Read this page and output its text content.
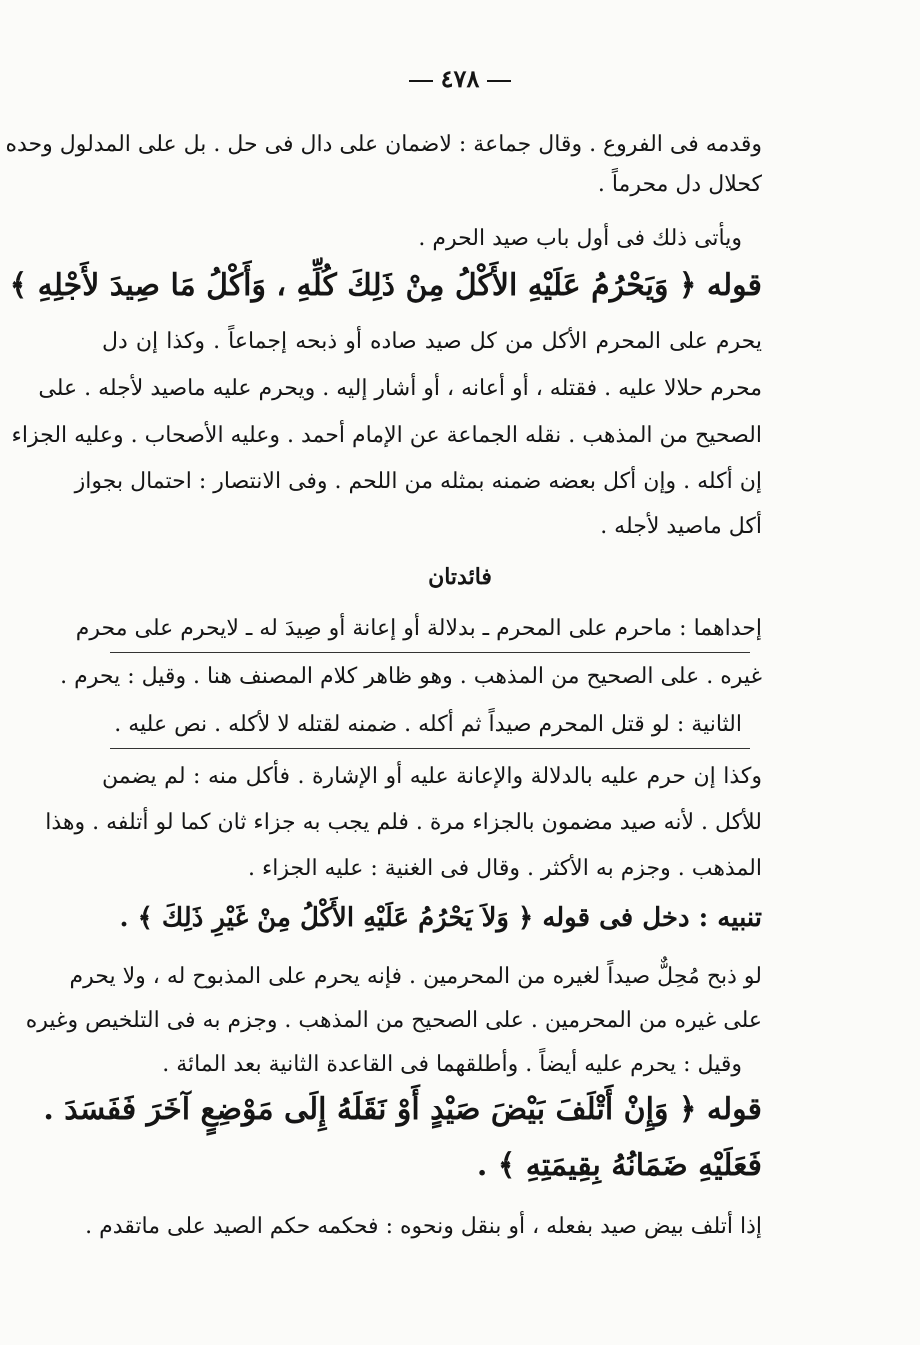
٤٧٨
وقدمه فى الفروع . وقال جماعة : لاضمان على دال فى حل . بل على المدلول وحده
كحلال دل محرماً .
ويأتى ذلك فى أول باب صيد الحرم .
قوله ﴿ وَيَحْرُمُ عَلَيْهِ الأَكْلُ مِنْ ذَلِكَ كُلِّهِ ، وَأَكْلُ مَا صِيدَ لأَجْلِهِ ﴾
يحرم على المحرم الأكل من كل صيد صاده أو ذبحه إجماعاً . وكذا إن دل
محرم حلالا عليه . فقتله ، أو أعانه ، أو أشار إليه . ويحرم عليه ماصيد لأجله . على
الصحيح من المذهب . نقله الجماعة عن الإمام أحمد . وعليه الأصحاب . وعليه الجزاء
إن أكله . وإن أكل بعضه ضمنه بمثله من اللحم . وفى الانتصار : احتمال بجواز
أكل ماصيد لأجله .
فائدتان
إحداهما : ماحرم على المحرم ـ بدلالة أو إعانة أو صِيدَ له ـ لايحرم على محرم
غيره . على الصحيح من المذهب . وهو ظاهر كلام المصنف هنا . وقيل : يحرم .
الثانية : لو قتل المحرم صيداً ثم أكله . ضمنه لقتله لا لأكله . نص عليه .
وكذا إن حرم عليه بالدلالة والإعانة عليه أو الإشارة . فأكل منه : لم يضمن
للأكل . لأنه صيد مضمون بالجزاء مرة . فلم يجب به جزاء ثان كما لو أتلفه . وهذا
المذهب . وجزم به الأكثر . وقال فى الغنية : عليه الجزاء .
تنبيه : دخل فى قوله ﴿ وَلاَ يَحْرُمُ عَلَيْهِ الأَكْلُ مِنْ غَيْرِ ذَلِكَ ﴾ .
لو ذبح مُحِلٌّ صيداً لغيره من المحرمين . فإنه يحرم على المذبوح له ، ولا يحرم
على غيره من المحرمين . على الصحيح من المذهب . وجزم به فى التلخيص وغيره
وقيل : يحرم عليه أيضاً . وأطلقهما فى القاعدة الثانية بعد المائة .
قوله ﴿ وَإِنْ أَتْلَفَ بَيْضَ صَيْدٍ أَوْ نَقَلَهُ إِلَى مَوْضِعٍ آخَرَ فَفَسَدَ .
فَعَلَيْهِ ضَمَانُهُ بِقِيمَتِهِ ﴾ .
إذا أتلف بيض صيد بفعله ، أو بنقل ونحوه : فحكمه حكم الصيد على ماتقدم .
